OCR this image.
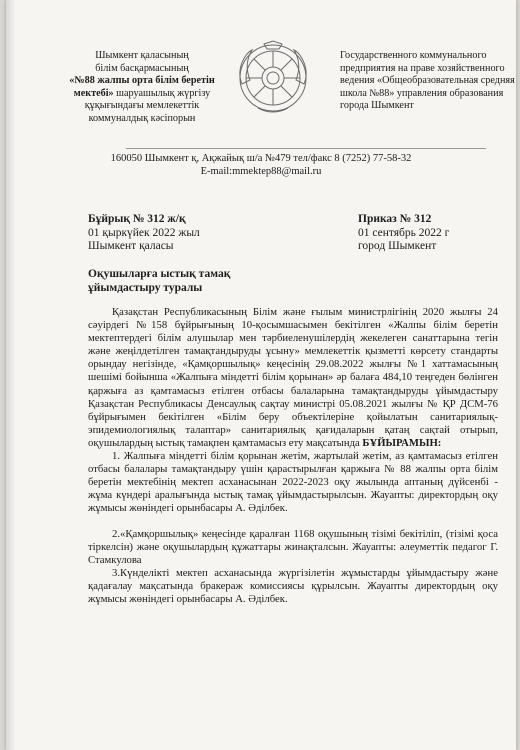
Шымкент қаласының
білім басқармасының
«№88 жалпы орта білім беретін мектебі» шаруашылық жүргізу құқығындағы мемлекеттік коммуналдық кәсіпорын
Государственного коммунального предприятия на праве хозяйственного ведения «Общеобразовательная средняя школа №88» управления образования города Шымкент
160050 Шымкент қ, Ақжайық ш/а №479 тел/факс 8 (7252) 77-58-32
E-mail:mmektep88@mail.ru
Бұйрық № 312 ж/қ
01 қыркүйек 2022 жыл
Шымкент қаласы
Приказ № 312
01 сентябрь 2022 г
город Шымкент
Оқушыларға ыстық тамақ
ұйымдастыру туралы

Қазақстан Республикасының Білім және ғылым министрлігінің 2020 жылғы 24 сәуірдегі №158 бұйрығының 10-қосымшасымен бекітілген «Жалпы білім беретін мектептердегі білім алушылар мен тәрбиеленушілердің жекелеген санаттарына тегін және жеңілдетілген тамақтандыруды ұсыну» мемлекеттік қызметті көрсету стандарты орындау негізінде, «Қамқоршылық» кеңесінің 29.08.2022 жылғы №1 хаттамасының шешімі бойынша «Жалпыға міндетті білім қорынан» әр балаға 484,10 теңгеден бөлінген қаржыға аз қамтамасыз етілген отбасы балаларына тамақтандыруды ұйымдастыру Қазақстан Республикасы Денсаулық сақтау министрі 05.08.2021 жылғы № ҚР ДСМ-76 бұйрығымен бекітілген «Білім беру объектілеріне қойылатын санитариялық-эпидемиологиялық талаптар» санитариялық қағидаларын қатаң сақтай отырып, оқушылардың ыстық тамақпен қамтамасыз ету мақсатында БҰЙЫРАМЫН:

1. Жалпыға міндетті білім қорынан жетім, жартылай жетім, аз қамтамасыз етілген отбасы балалары тамақтандыру үшін қарастырылған қаржыға № 88 жалпы орта білім беретін мектебінің мектеп асханасынан 2022-2023 оқу жылында аптаның дүйсенбі - жұма күндері аралығында ыстық тамақ ұйымдастырылсын. Жауапты: директордың оқу жұмысы жөніндегі орынбасары А. Әділбек.

2.«Қамқоршылық» кеңесінде қаралған 1168 оқушының тізімі бекітіліп, (тізімі қоса тіркелсін) және оқушылардың құжаттары жинақталсын. Жауапты: әлеуметтік педагог Г. Стамкулова

3.Күнделікті мектеп асханасында жүргізілетін жұмыстарды ұйымдастыру және қадағалау мақсатында бракераж комиссиясы құрылсын. Жауапты директордың оқу жұмысы жөніндегі орынбасары А. Әділбек.
